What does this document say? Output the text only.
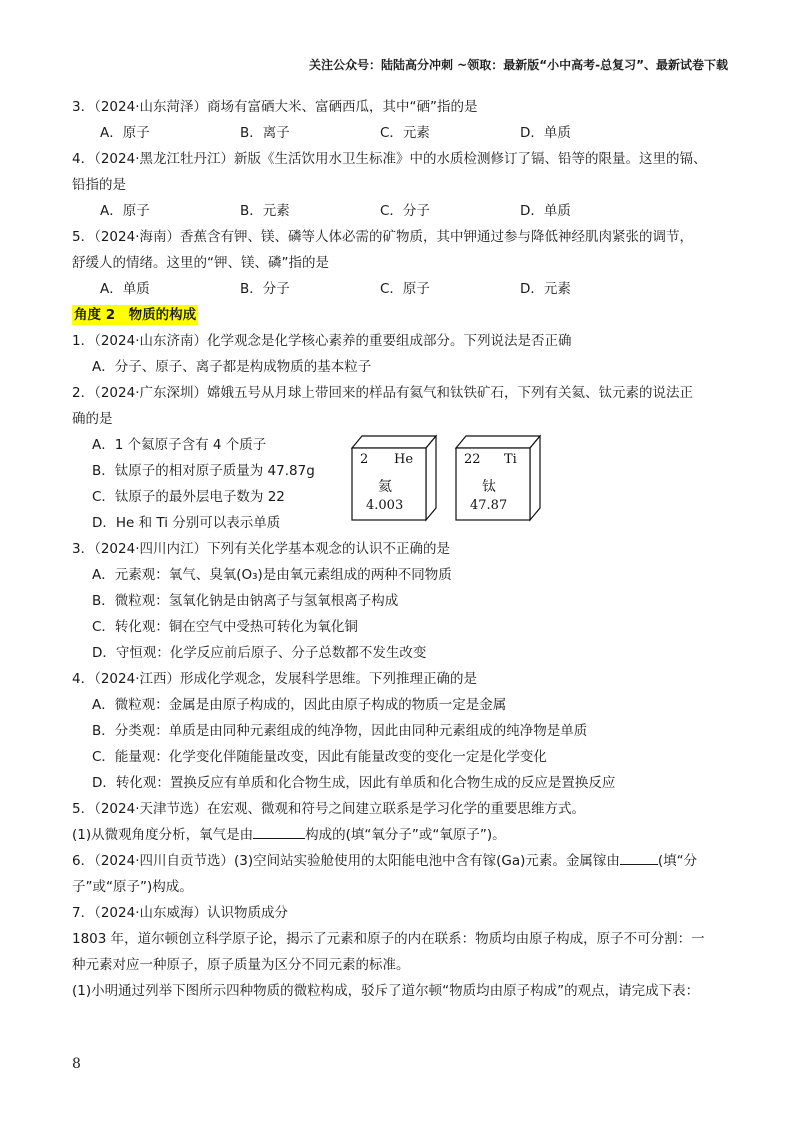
关注公众号：陆陆高分冲刺 ~领取：最新版“小中高考-总复习”、最新试卷下载

3．（2024·山东菏泽）商场有富硒大米、富硒西瓜，其中“硒”指的是

A．原子	B．离子	C．元素	D．单质

4．（2024·黑龙江牡丹江）新版《生活饮用水卫生标准》中的水质检测修订了镉、铅等的限量。这里的镉、

铅指的是

A．原子	B．元素	C．分子	D．单质

5．（2024·海南）香蕉含有钾、镁、磷等人体必需的矿物质，其中钾通过参与降低神经肌肉紧张的调节，

舒缓人的情绪。这里的“钾、镁、磷”指的是

A．单质	B．分子	C．原子	D．元素
角度 2　物质的构成

1．（2024·山东济南）化学观念是化学核心素养的重要组成部分。下列说法是否正确

A．分子、原子、离子都是构成物质的基本粒子

2．（2024·广东深圳）嫦娥五号从月球上带回来的样品有氦气和钛铁矿石，下列有关氦、钛元素的说法正

确的是

A．1 个氦原子含有 4 个质子

B．钛原子的相对原子质量为 47.87g

C．钛原子的最外层电子数为 22

D．He 和 Ti 分别可以表示单质

2 He
氦
4.003
22 Ti
钛
47.87

3．（2024·四川内江）下列有关化学基本观念的认识不正确的是

A．元素观：氧气、臭氧(O₃)是由氧元素组成的两种不同物质

B．微粒观：氢氧化钠是由钠离子与氢氧根离子构成

C．转化观：铜在空气中受热可转化为氧化铜

D．守恒观：化学反应前后原子、分子总数都不发生改变

4．（2024·江西）形成化学观念，发展科学思维。下列推理正确的是

A．微粒观：金属是由原子构成的，因此由原子构成的物质一定是金属

B．分类观：单质是由同种元素组成的纯净物，因此由同种元素组成的纯净物是单质

C．能量观：化学变化伴随能量改变，因此有能量改变的变化一定是化学变化

D．转化观：置换反应有单质和化合物生成，因此有单质和化合物生成的反应是置换反应

5．（2024·天津节选）在宏观、微观和符号之间建立联系是学习化学的重要思维方式。

(1)从微观角度分析，氧气是由	构成的(填“氧分子”或“氧原子”)。

6．（2024·四川自贡节选）(3)空间站实验舱使用的太阳能电池中含有镓(Ga)元素。金属镓由	(填“分

子”或“原子”)构成。

7．（2024·山东威海）认识物质成分

1803 年，道尔顿创立科学原子论，揭示了元素和原子的内在联系：物质均由原子构成，原子不可分割：一

种元素对应一种原子，原子质量为区分不同元素的标准。

(1)小明通过列举下图所示四种物质的微粒构成，驳斥了道尔顿“物质均由原子构成”的观点，请完成下表：

8
